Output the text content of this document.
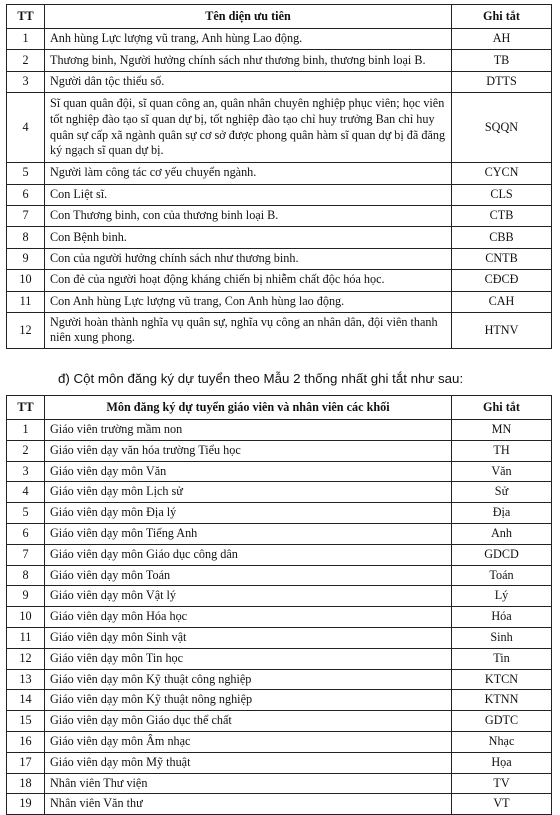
TT	Tên diện ưu tiên	Ghi tắt
1	Anh hùng Lực lượng vũ trang, Anh hùng Lao động.	AH
2	Thương binh, Người hưởng chính sách như thương binh, thương binh loại B.	TB
3	Người dân tộc thiểu số.	DTTS
4	Sĩ quan quân đội, sĩ quan công an, quân nhân chuyên nghiệp phục viên; học viên tốt nghiệp đào tạo sĩ quan dự bị, tốt nghiệp đào tạo chỉ huy trưởng Ban chỉ huy quân sự cấp xã ngành quân sự cơ sở được phong quân hàm sĩ quan dự bị đã đăng ký ngạch sĩ quan dự bị.	SQQN
5	Người làm công tác cơ yếu chuyển ngành.	CYCN
6	Con Liệt sĩ.	CLS
7	Con Thương binh, con của thương binh loại B.	CTB
8	Con Bệnh binh.	CBB
9	Con của người hưởng chính sách như thương binh.	CNTB
10	Con đẻ của người hoạt động kháng chiến bị nhiễm chất độc hóa học.	CĐCĐ
11	Con Anh hùng Lực lượng vũ trang, Con Anh hùng lao động.	CAH
12	Người hoàn thành nghĩa vụ quân sự, nghĩa vụ công an nhân dân, đội viên thanh niên xung phong.	HTNV
đ) Cột môn đăng ký dự tuyển theo Mẫu 2 thống nhất ghi tắt như sau:
TT	Môn đăng ký dự tuyển giáo viên và nhân viên các khối	Ghi tắt
1	Giáo viên trường mầm non	MN
2	Giáo viên dạy văn hóa trường Tiểu học	TH
3	Giáo viên dạy môn Văn	Văn
4	Giáo viên dạy môn Lịch sử	Sử
5	Giáo viên dạy môn Địa lý	Địa
6	Giáo viên dạy môn Tiếng Anh	Anh
7	Giáo viên dạy môn Giáo dục công dân	GDCD
8	Giáo viên dạy môn Toán	Toán
9	Giáo viên dạy môn Vật lý	Lý
10	Giáo viên dạy môn Hóa học	Hóa
11	Giáo viên dạy môn Sinh vật	Sinh
12	Giáo viên dạy môn Tin học	Tin
13	Giáo viên dạy môn Kỹ thuật công nghiệp	KTCN
14	Giáo viên dạy môn Kỹ thuật nông nghiệp	KTNN
15	Giáo viên dạy môn Giáo dục thể chất	GDTC
16	Giáo viên dạy môn Âm nhạc	Nhạc
17	Giáo viên dạy môn Mỹ thuật	Họa
18	Nhân viên Thư viện	TV
19	Nhân viên Văn thư	VT
